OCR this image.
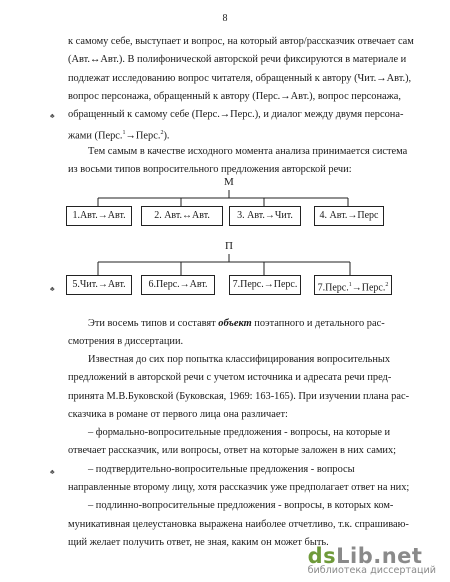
8
♣
♣
♣
к самому себе, выступает и вопрос, на который автор/рассказчик отвечает сам
(Авт.↔Авт.). В полифонической авторской речи фиксируются в материале и
подлежат исследованию вопрос читателя, обращенный к автору (Чит.→Авт.),
вопрос персонажа, обращенный к автору (Перс.→Авт.), вопрос персонажа,
обращенный к самому себе (Перс.→Перс.), и диалог между двумя персона-
жами (Перс.$^1$→Перс.$^2$).
Тем самым в качестве исходного момента анализа принимается система
из восьми типов вопросительного предложения авторской речи:
М
1.Авт.→Авт.	2. Авт.↔Авт.	3. Авт.→Чит.	4. Авт.→Перс
П
5.Чит.→Авт.	6.Перс.→Авт.	7.Перс.→Перс.	7.Перс.$^1$→Перс.$^2$
Эти восемь типов и составят объект поэтапного и детального рас-
смотрения в диссертации.
Известная до сих пор попытка классифицирования вопросительных
предложений в авторской речи с учетом источника и адресата речи пред-
принята М.В.Буковской (Буковская, 1969: 163-165). При изучении плана рас-
сказчика в романе от первого лица она различает:
– формально-вопросительные предложения - вопросы, на которые и
отвечает рассказчик, или вопросы, ответ на которые заложен в них самих;
– подтвердительно-вопросительные предложения - вопросы
направленные второму лицу, хотя рассказчик уже предполагает ответ на них;
– подлинно-вопросительные предложения - вопросы, в которых ком-
муникативная целеустановка выражена наиболее отчетливо, т.к. спрашиваю-
щий желает получить ответ, не зная, каким он может быть.
dsLib.net
библиотека диссертаций
